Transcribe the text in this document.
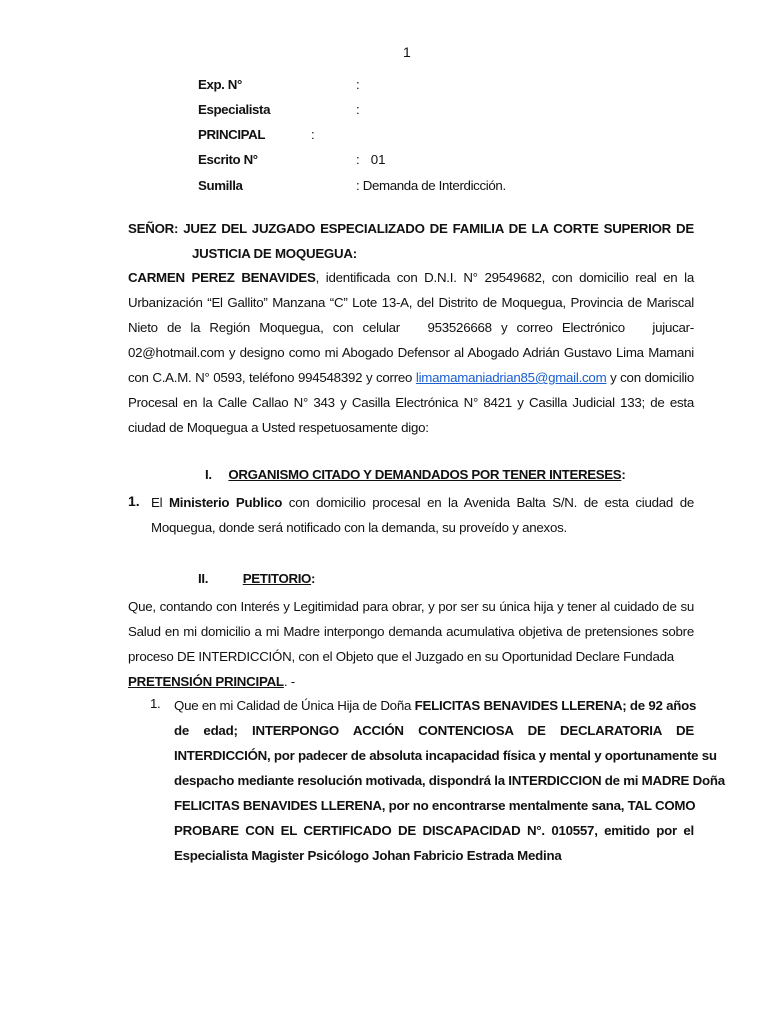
1
Exp. N°	:
Especialista	:
PRINCIPAL	:
Escrito N°	:   01
Sumilla	: Demanda de Interdicción.
SEÑOR: JUEZ DEL JUZGADO ESPECIALIZADO DE FAMILIA DE LA CORTE SUPERIOR DE
JUSTICIA DE MOQUEGUA:
CARMEN PEREZ BENAVIDES, identificada con D.N.I. N° 29549682, con domicilio real en la
Urbanización “El Gallito” Manzana “C” Lote 13-A, del Distrito de Moquegua, Provincia de Mariscal
Nieto de la Región Moquegua, con celular   953526668 y correo Electrónico   jujucar-
02@hotmail.com y designo como mi Abogado Defensor al Abogado Adrián Gustavo Lima Mamani
con C.A.M. N° 0593, teléfono 994548392 y correo limamamaniadrian85@gmail.com y con domicilio
Procesal en la Calle Callao N° 343 y Casilla Electrónica N° 8421 y Casilla Judicial 133; de esta
ciudad de Moquegua a Usted respetuosamente digo:
I. ORGANISMO CITADO Y DEMANDADOS POR TENER INTERESES:
1. El Ministerio Publico con domicilio procesal en la Avenida Balta S/N. de esta ciudad de
Moquegua, donde será notificado con la demanda, su proveído y anexos.
II.	PETITORIO:
Que, contando con Interés y Legitimidad para obrar, y por ser su única hija y tener al cuidado de su
Salud en mi domicilio a mi Madre interpongo demanda acumulativa objetiva de pretensiones sobre
proceso DE INTERDICCIÓN, con el Objeto que el Juzgado en su Oportunidad Declare Fundada
PRETENSIÓN PRINCIPAL. -
1. Que en mi Calidad de Única Hija de Doña FELICITAS BENAVIDES LLERENA; de 92 años
de edad; INTERPONGO ACCIÓN CONTENCIOSA DE DECLARATORIA DE
INTERDICCIÓN, por padecer de absoluta incapacidad física y mental y oportunamente su
despacho mediante resolución motivada, dispondrá la INTERDICCION de mi MADRE Doña
FELICITAS BENAVIDES LLERENA, por no encontrarse mentalmente sana, TAL COMO
PROBARE CON EL CERTIFICADO DE DISCAPACIDAD N°. 010557, emitido por el
Especialista Magister Psicólogo Johan Fabricio Estrada Medina
